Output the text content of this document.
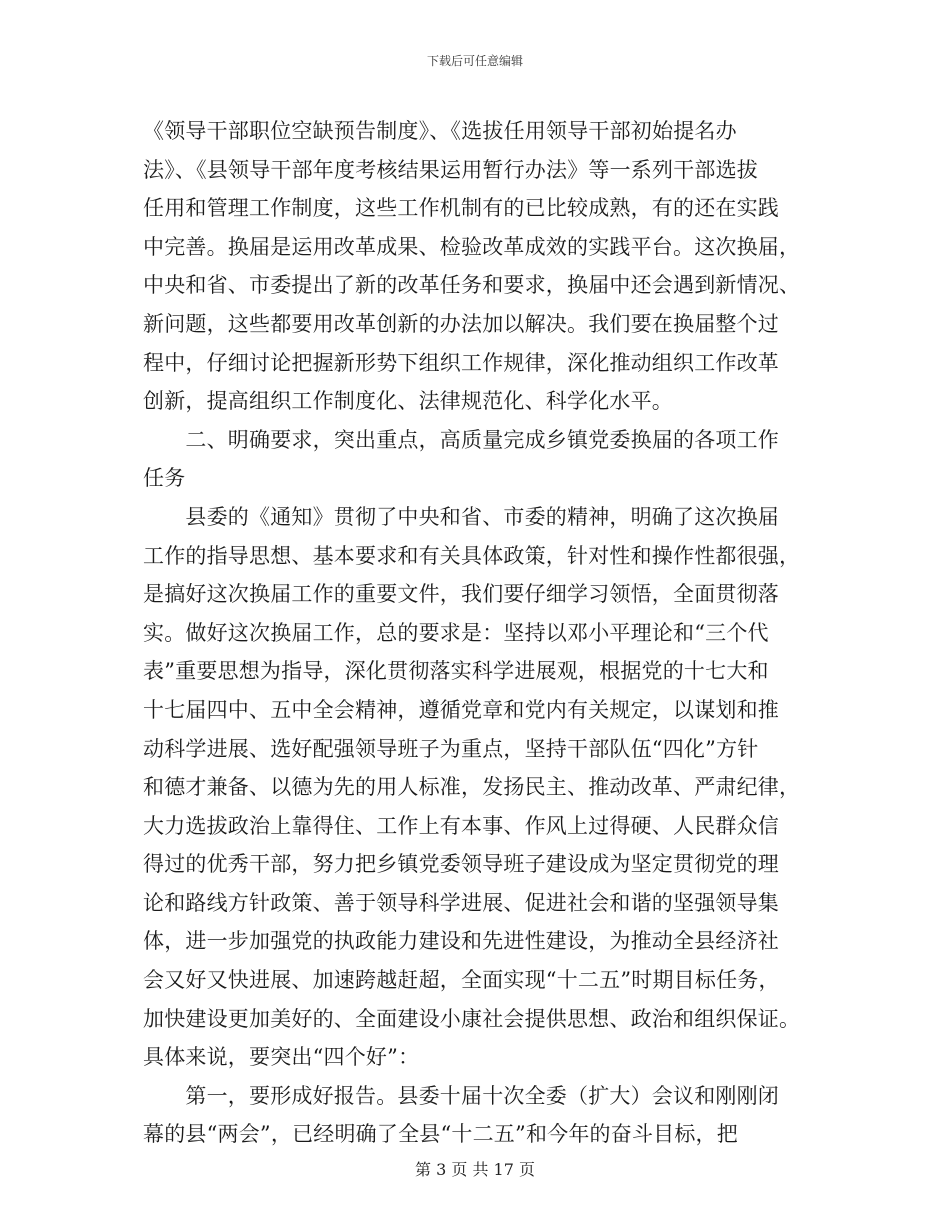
下载后可任意编辑
《领导干部职位空缺预告制度》、《选拔任用领导干部初始提名办
法》、《县领导干部年度考核结果运用暂行办法》等一系列干部选拔
任用和管理工作制度，这些工作机制有的已比较成熟，有的还在实践
中完善。换届是运用改革成果、检验改革成效的实践平台。这次换届，
中央和省、市委提出了新的改革任务和要求，换届中还会遇到新情况、
新问题，这些都要用改革创新的办法加以解决。我们要在换届整个过
程中，仔细讨论把握新形势下组织工作规律，深化推动组织工作改革
创新，提高组织工作制度化、法律规范化、科学化水平。
　　二、明确要求，突出重点，高质量完成乡镇党委换届的各项工作
任务
　　县委的《通知》贯彻了中央和省、市委的精神，明确了这次换届
工作的指导思想、基本要求和有关具体政策，针对性和操作性都很强，
是搞好这次换届工作的重要文件，我们要仔细学习领悟，全面贯彻落
实。做好这次换届工作，总的要求是：坚持以邓小平理论和“三个代
表”重要思想为指导，深化贯彻落实科学进展观，根据党的十七大和
十七届四中、五中全会精神，遵循党章和党内有关规定，以谋划和推
动科学进展、选好配强领导班子为重点，坚持干部队伍“四化”方针
和德才兼备、以德为先的用人标准，发扬民主、推动改革、严肃纪律，
大力选拔政治上靠得住、工作上有本事、作风上过得硬、人民群众信
得过的优秀干部，努力把乡镇党委领导班子建设成为坚定贯彻党的理
论和路线方针政策、善于领导科学进展、促进社会和谐的坚强领导集
体，进一步加强党的执政能力建设和先进性建设，为推动全县经济社
会又好又快进展、加速跨越赶超，全面实现“十二五”时期目标任务，
加快建设更加美好的、全面建设小康社会提供思想、政治和组织保证。
具体来说，要突出“四个好”：
　　第一，要形成好报告。县委十届十次全委（扩大）会议和刚刚闭
幕的县“两会”，已经明确了全县“十二五”和今年的奋斗目标，把
第 3 页 共 17 页
